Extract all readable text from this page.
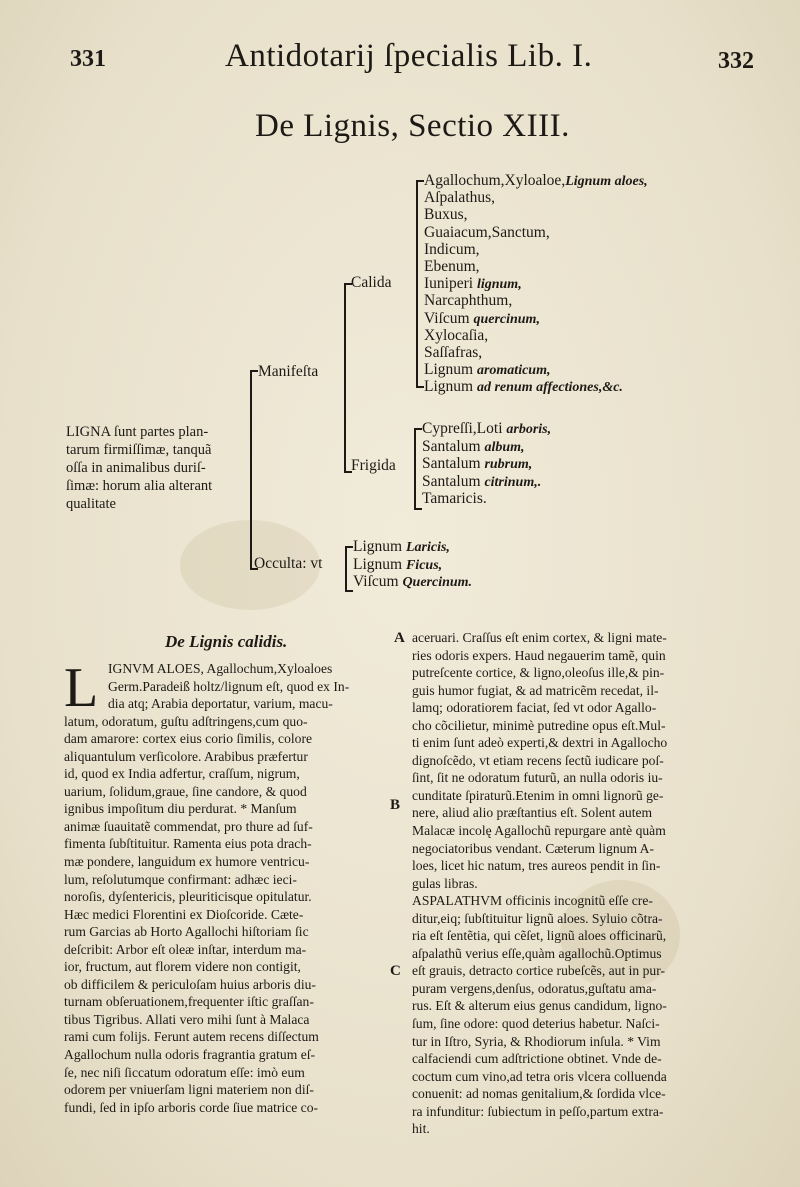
331	Antidotarij ſpecialis Lib. I.	332
De Lignis, Sectio XIII.
LIGNA ſunt partes plan-
tarum firmiſſimæ, tanquã
oſſa in animalibus duriſ-
ſimæ: horum alia alterant
qualitate
Manifeſta
Occulta: vt
Calida
Frigida
Agallochum,Xyloaloe,Lignum aloes,
Aſpalathus,
Buxus,
Guaiacum,Sanctum,
Indicum,
Ebenum,
Iuniperi lignum,
Narcaphthum,
Viſcum quercinum,
Xylocaſia,
Saſſafras,
Lignum aromaticum,
Lignum ad renum affectiones,&c.
Cypreſſi,Loti arboris,
Santalum album,
Santalum rubrum,
Santalum citrinum,.
Tamaricis.
Lignum Laricis,
Lignum Ficus,
Viſcum Quercinum.
De Lignis calidis.
L IGNVM ALOES, Agallochum,Xyloaloes
Germ.Paradeiß holtz/lignum eſt, quod ex In-
dia atq; Arabia deportatur, varium, macu-
latum, odoratum, guſtu adſtringens,cum quo-
dam amarore: cortex eius corio ſimilis, colore
aliquantulum verſicolore. Arabibus præfertur
id, quod ex India adfertur, craſſum, nigrum,
uarium, ſolidum,graue, ſine candore, & quod
ignibus impoſitum diu perdurat. * Manſum
animæ ſuauitatẽ commendat, pro thure ad ſuf-
fimenta ſubſtituitur. Ramenta eius pota drach-
mæ pondere, languidum ex humore ventricu-
lum, reſolutumque confirmant: adhæc ieci-
noroſis, dyſentericis, pleuriticisque opitulatur.
Hæc medici Florentini ex Dioſcoride. Cæte-
rum Garcias ab Horto Agallochi hiſtoriam ſic
deſcribit: Arbor eſt oleæ inſtar, interdum ma-
ior, fructum, aut florem videre non contigit,
ob difficilem & periculoſam huius arboris diu-
turnam obſeruationem,frequenter iſtic graſſan-
tibus Tigribus. Allati vero mihi ſunt à Malaca
rami cum folijs. Ferunt autem recens diſſectum
Agallochum nulla odoris fragrantia gratum eſ-
ſe, nec niſi ſiccatum odoratum eſſe: imò eum
odorem per vniuerſam ligni materiem non diſ-
fundi, ſed in ipſo arboris corde ſiue matrice co-
aceruari. Craſſus eſt enim cortex, & ligni mate-
ries odoris expers. Haud negauerim tamẽ, quin
putreſcente cortice, & ligno,oleoſus ille,& pin-
guis humor fugiat, & ad matricẽm recedat, il-
lamq; odoratiorem faciat, ſed vt odor Agallo-
cho cõcilietur, minimè putredine opus eſt.Mul-
ti enim ſunt adeò experti,& dextri in Agallocho
dignoſcẽdo, vt etiam recens ſectũ iudicare poſ-
ſint, ſit ne odoratum futurũ, an nulla odoris iu-
cunditate ſpiraturũ.Etenim in omni lignorũ ge-
nere, aliud alio præſtantius eſt. Solent autem
Malacæ incolę Agallochũ repurgare antè quàm
negociatoribus vendant. Cæterum lignum A-
loes, licet hic natum, tres aureos pendit in ſin-
gulas libras.
ASPALATHVM officinis incognitũ eſſe cre-
ditur,eiq; ſubſtituitur lignũ aloes. Syluio cõtra-
ria eſt ſentẽtia, qui cẽſet, lignũ aloes officinarũ,
aſpalathũ verius eſſe,quàm agallochũ.Optimus
eſt grauis, detracto cortice rubeſcẽs, aut in pur-
puram vergens,denſus, odoratus,guſtatu ama-
rus. Eſt & alterum eius genus candidum, ligno-
ſum, ſine odore: quod deterius habetur. Naſci-
tur in Iſtro, Syria, & Rhodiorum inſula. * Vim
calfaciendi cum adſtrictione obtinet. Vnde de-
coctum cum vino,ad tetra oris vlcera colluenda
conuenit: ad nomas genitalium,& ſordida vlce-
ra infunditur: ſubiectum in peſſo,partum extra-
hit.
A
B
C
